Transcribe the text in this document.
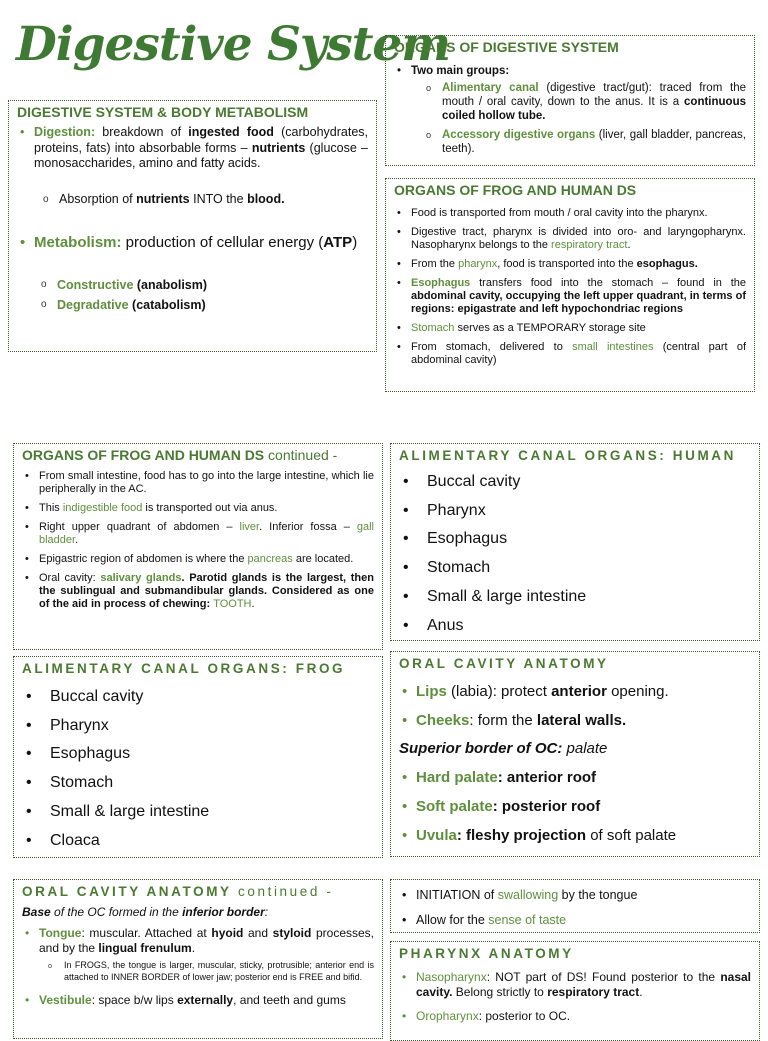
Digestive System
DIGESTIVE SYSTEM & BODY METABOLISM
• Digestion: breakdown of ingested food (carbohydrates, proteins, fats) into absorbable forms – nutrients (glucose – monosaccharides, amino and fatty acids.
o Absorption of nutrients INTO the blood.
• Metabolism: production of cellular energy (ATP)
o Constructive (anabolism)
o Degradative (catabolism)
ORGANS OF DIGESTIVE SYSTEM
• Two main groups:
o Alimentary canal (digestive tract/gut): traced from the mouth / oral cavity, down to the anus. It is a continuous coiled hollow tube.
o Accessory digestive organs (liver, gall bladder, pancreas, teeth).
ORGANS OF FROG AND HUMAN DS
• Food is transported from mouth / oral cavity into the pharynx.
• Digestive tract, pharynx is divided into oro- and laryngopharynx. Nasopharynx belongs to the respiratory tract.
• From the pharynx, food is transported into the esophagus.
• Esophagus transfers food into the stomach – found in the abdominal cavity, occupying the left upper quadrant, in terms of regions: epigastrate and left hypochondriac regions
• Stomach serves as a TEMPORARY storage site
• From stomach, delivered to small intestines (central part of abdominal cavity)
ORGANS OF FROG AND HUMAN DS continued -
• From small intestine, food has to go into the large intestine, which lie peripherally in the AC.
• This indigestible food is transported out via anus.
• Right upper quadrant of abdomen – liver. Inferior fossa – gall bladder.
• Epigastric region of abdomen is where the pancreas are located.
• Oral cavity: salivary glands. Parotid glands is the largest, then the sublingual and submandibular glands. Considered as one of the aid in process of chewing: TOOTH.
ALIMENTARY CANAL ORGANS: HUMAN
• Buccal cavity
• Pharynx
• Esophagus
• Stomach
• Small & large intestine
• Anus
ALIMENTARY CANAL ORGANS: FROG
• Buccal cavity
• Pharynx
• Esophagus
• Stomach
• Small & large intestine
• Cloaca
ORAL CAVITY ANATOMY
• Lips (labia): protect anterior opening.
• Cheeks: form the lateral walls.
Superior border of OC: palate
• Hard palate: anterior roof
• Soft palate: posterior roof
• Uvula: fleshy projection of soft palate
ORAL CAVITY ANATOMY continued -
Base of the OC formed in the inferior border:
• Tongue: muscular. Attached at hyoid and styloid processes, and by the lingual frenulum.
o In FROGS, the tongue is larger, muscular, sticky, protrusible; anterior end is attached to INNER BORDER of lower jaw; posterior end is FREE and bifid.
• Vestibule: space b/w lips externally, and teeth and gums
• INITIATION of swallowing by the tongue
• Allow for the sense of taste
PHARYNX ANATOMY
• Nasopharynx: NOT part of DS! Found posterior to the nasal cavity. Belong strictly to respiratory tract.
• Oropharynx: posterior to OC.
